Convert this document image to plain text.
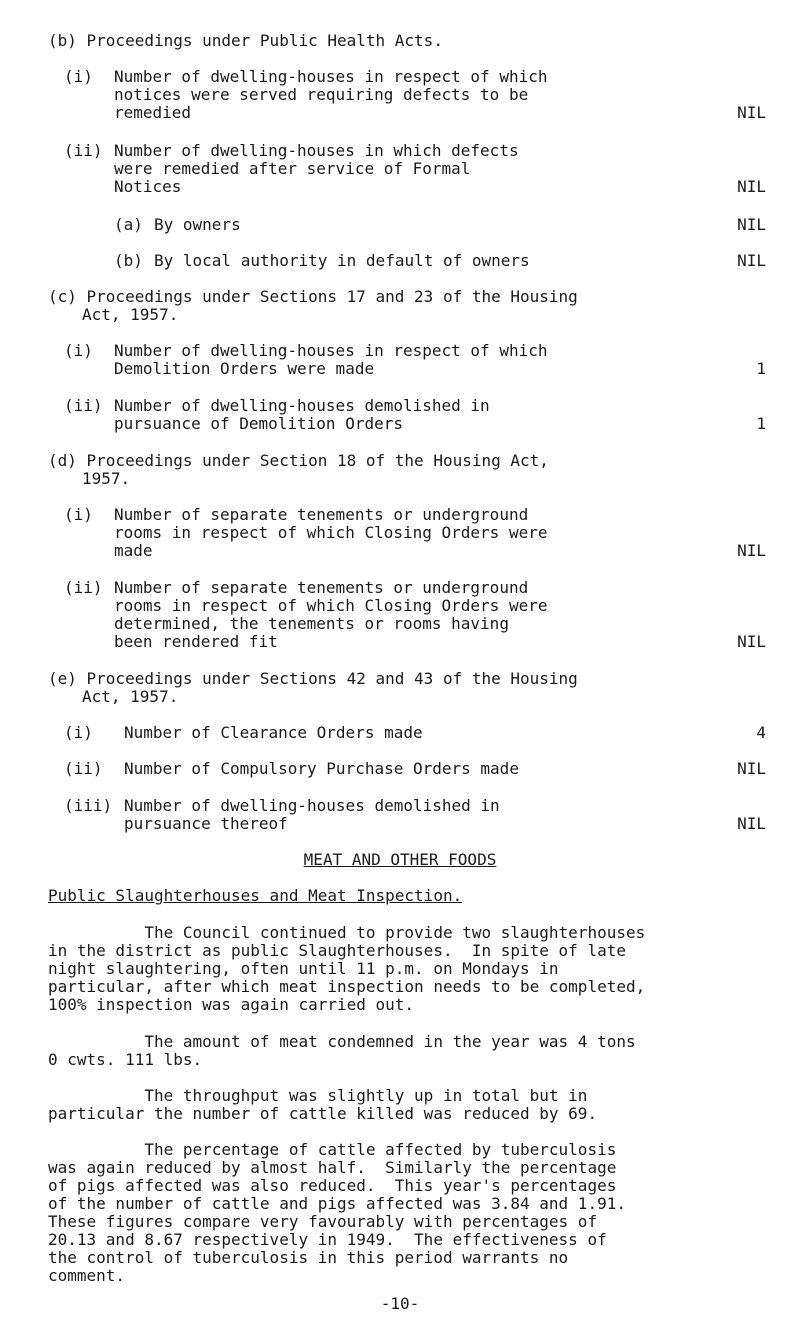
(b) Proceedings under Public Health Acts.
(i) Number of dwelling-houses in respect of which
notices were served requiring defects to be
remedied	NIL
(ii) Number of dwelling-houses in which defects
were remedied after service of Formal
Notices	NIL
(a) By owners	NIL
(b) By local authority in default of owners	NIL
(c) Proceedings under Sections 17 and 23 of the Housing
Act, 1957.
(i) Number of dwelling-houses in respect of which
Demolition Orders were made	1
(ii) Number of dwelling-houses demolished in
pursuance of Demolition Orders	1
(d) Proceedings under Section 18 of the Housing Act,
1957.
(i) Number of separate tenements or underground
rooms in respect of which Closing Orders were
made	NIL
(ii) Number of separate tenements or underground
rooms in respect of which Closing Orders were
determined, the tenements or rooms having
been rendered fit	NIL
(e) Proceedings under Sections 42 and 43 of the Housing
Act, 1957.
(i) Number of Clearance Orders made	4
(ii) Number of Compulsory Purchase Orders made	NIL
(iii) Number of dwelling-houses demolished in
pursuance thereof	NIL
MEAT AND OTHER FOODS
Public Slaughterhouses and Meat Inspection.
The Council continued to provide two slaughterhouses
in the district as public Slaughterhouses.  In spite of late
night slaughtering, often until 11 p.m. on Mondays in
particular, after which meat inspection needs to be completed,
100% inspection was again carried out.
The amount of meat condemned in the year was 4 tons
0 cwts. 111 lbs.
The throughput was slightly up in total but in
particular the number of cattle killed was reduced by 69.
The percentage of cattle affected by tuberculosis
was again reduced by almost half.  Similarly the percentage
of pigs affected was also reduced.  This year's percentages
of the number of cattle and pigs affected was 3.84 and 1.91.
These figures compare very favourably with percentages of
20.13 and 8.67 respectively in 1949.  The effectiveness of
the control of tuberculosis in this period warrants no
comment.
-10-
